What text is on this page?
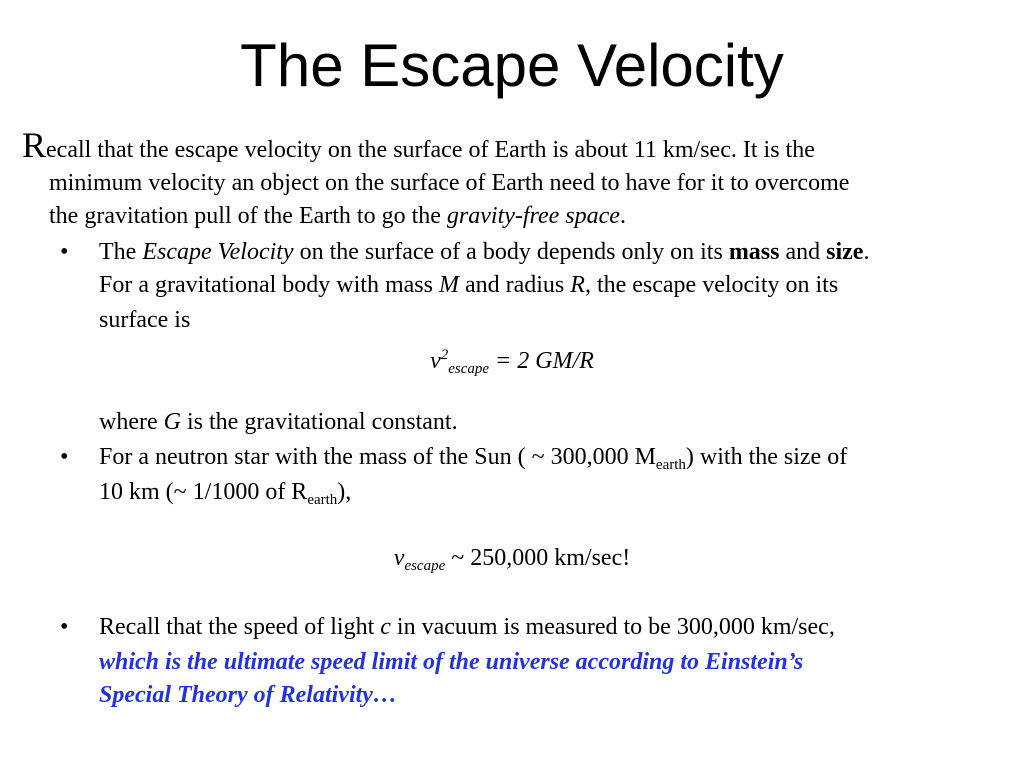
The Escape Velocity
Recall that the escape velocity on the surface of Earth is about 11 km/sec. It is the
minimum velocity an object on the surface of Earth need to have for it to overcome
the gravitation pull of the Earth to go the gravity-free space.
• The Escape Velocity on the surface of a body depends only on its mass and size.
For a gravitational body with mass M and radius R, the escape velocity on its
surface is
$v^2_{escape} = 2$ GM/R
where G is the gravitational constant.
• For a neutron star with the mass of the Sun ( ~ 300,000 $M_{earth}$) with the size of
10 km (~ 1/1000 of $R_{earth}$),
$v_{escape}$ ~ 250,000 km/sec!
• Recall that the speed of light c in vacuum is measured to be 300,000 km/sec,
which is the ultimate speed limit of the universe according to Einstein’s
Special Theory of Relativity…
